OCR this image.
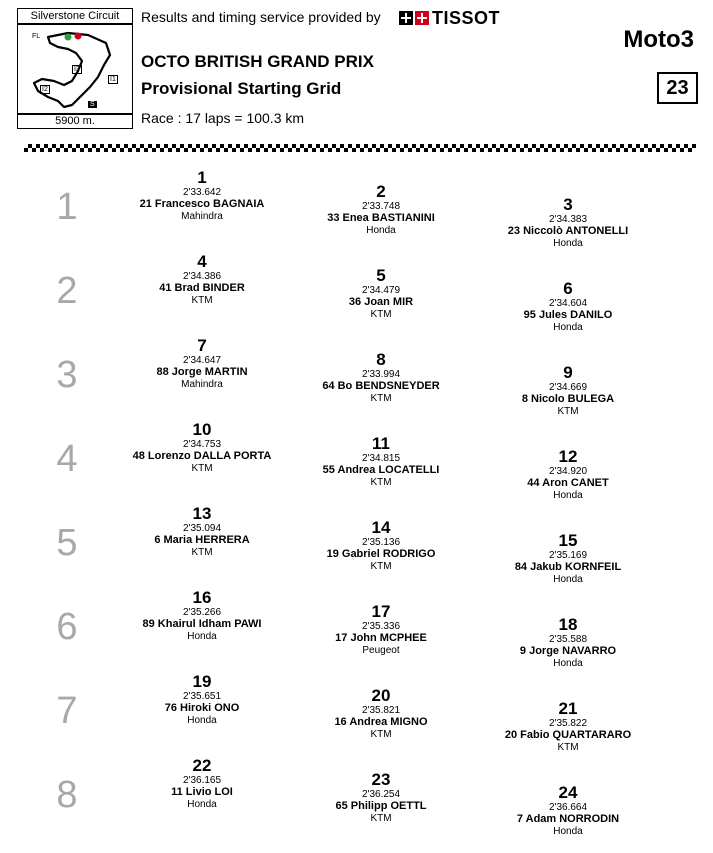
Silverstone Circuit
FL
I3
I1
I2
S
5900 m.
Results and timing service provided by	TISSOT
OCTO BRITISH GRAND PRIX
Provisional Starting Grid
Race : 17 laps = 100.3 km
Moto3
23
1
2
3
4
5
6
7
8
1
2'33.642
21 Francesco BAGNAIA
Mahindra
2
2'33.748
33 Enea BASTIANINI
Honda
3
2'34.383
23 Niccolò ANTONELLI
Honda
4
2'34.386
41 Brad BINDER
KTM
5
2'34.479
36 Joan MIR
KTM
6
2'34.604
95 Jules DANILO
Honda
7
2'34.647
88 Jorge MARTIN
Mahindra
8
2'33.994
64 Bo BENDSNEYDER
KTM
9
2'34.669
8 Nicolo BULEGA
KTM
10
2'34.753
48 Lorenzo DALLA PORTA
KTM
11
2'34.815
55 Andrea LOCATELLI
KTM
12
2'34.920
44 Aron CANET
Honda
13
2'35.094
6 Maria HERRERA
KTM
14
2'35.136
19 Gabriel RODRIGO
KTM
15
2'35.169
84 Jakub KORNFEIL
Honda
16
2'35.266
89 Khairul Idham PAWI
Honda
17
2'35.336
17 John MCPHEE
Peugeot
18
2'35.588
9 Jorge NAVARRO
Honda
19
2'35.651
76 Hiroki ONO
Honda
20
2'35.821
16 Andrea MIGNO
KTM
21
2'35.822
20 Fabio QUARTARARO
KTM
22
2'36.165
11 Livio LOI
Honda
23
2'36.254
65 Philipp OETTL
KTM
24
2'36.664
7 Adam NORRODIN
Honda
